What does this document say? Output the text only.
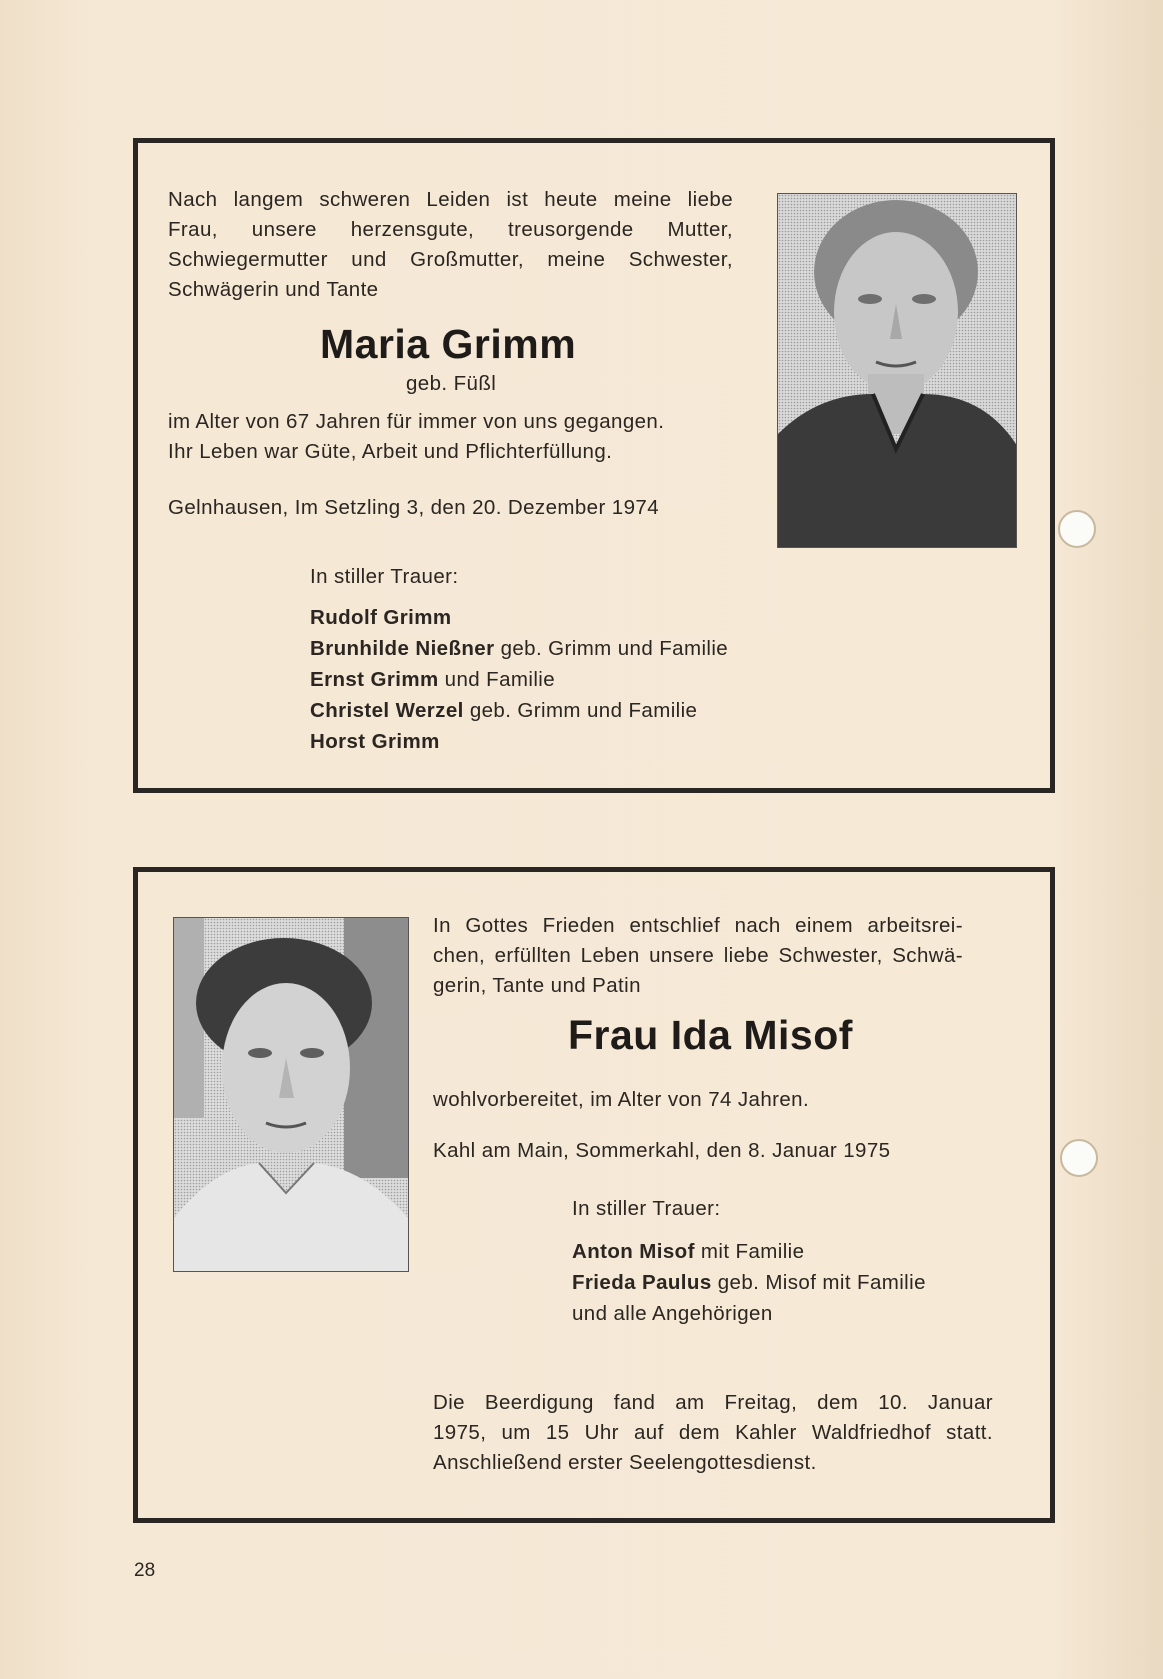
Nach langem schweren Leiden ist heute meine liebe

Frau, unsere herzensgute, treusorgende Mutter,

Schwiegermutter und Großmutter, meine Schwester,

Schwägerin und Tante

Maria Grimm
geb. Füßl
im Alter von 67 Jahren für immer von uns gegangen.
Ihr Leben war Güte, Arbeit und Pflichterfüllung.
Gelnhausen, Im Setzling 3, den 20. Dezember 1974
In stiller Trauer:
Rudolf Grimm
Brunhilde Nießner geb. Grimm und Familie
Ernst Grimm und Familie
Christel Werzel geb. Grimm und Familie
Horst Grimm

In Gottes Frieden entschlief nach einem arbeitsrei-

chen, erfüllten Leben unsere liebe Schwester, Schwä-

gerin, Tante und Patin

Frau Ida Misof
wohlvorbereitet, im Alter von 74 Jahren.
Kahl am Main, Sommerkahl, den 8. Januar 1975
In stiller Trauer:
Anton Misof mit Familie
Frieda Paulus geb. Misof mit Familie
und alle Angehörigen

Die Beerdigung fand am Freitag, dem 10. Januar

1975, um 15 Uhr auf dem Kahler Waldfriedhof statt.

Anschließend erster Seelengottesdienst.

28
